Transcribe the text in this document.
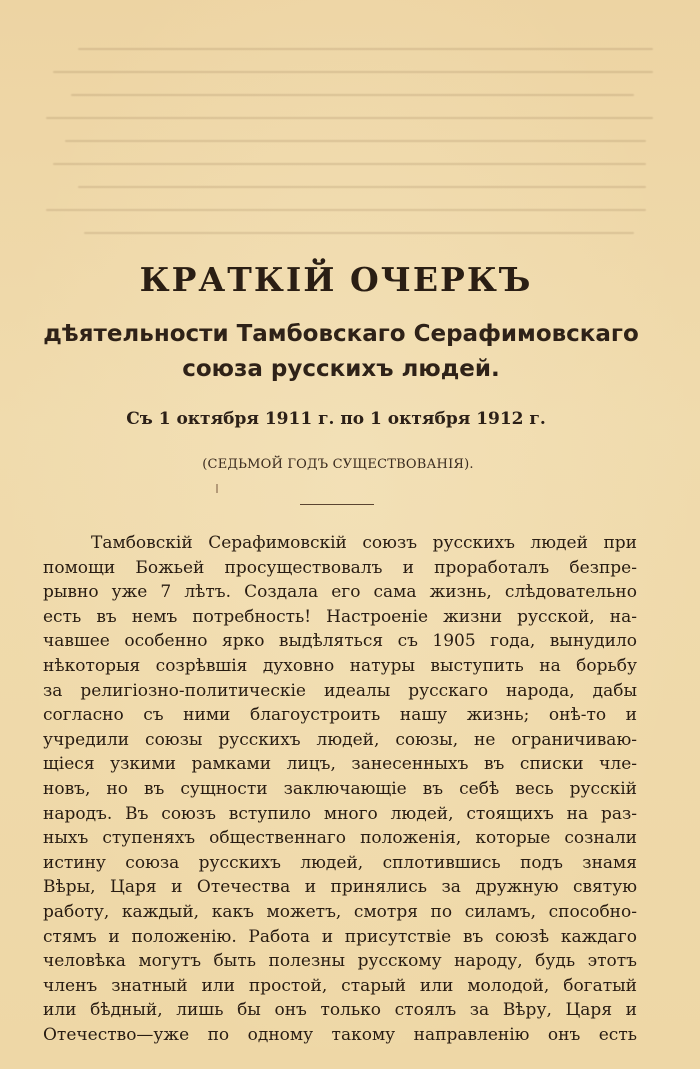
КРАТКІЙ ОЧЕРКЪ
дѣятельности Тамбовскаго Серафимовскаго союза русскихъ людей.

Съ 1 октября 1911 г. по 1 октября 1912 г.

(СЕДЬМОЙ ГОДЪ СУЩЕСТВОВАНІЯ).

Тамбовскій Серафимовскій союзъ русскихъ людей при
помощи Божьей просуществовалъ и проработалъ безпре-
рывно уже 7 лѣтъ. Создала его сама жизнь, слѣдовательно
есть въ немъ потребность! Настроеніе жизни русской, на-
чавшее особенно ярко выдѣляться съ 1905 года, вынудило
нѣкоторыя созрѣвшія духовно натуры выступить на борьбу
за религіозно-политическіе идеалы русскаго народа, дабы
согласно съ ними благоустроить нашу жизнь; онѣ-то и
учредили союзы русскихъ людей, союзы, не ограничиваю-
щіеся узкими рамками лицъ, занесенныхъ въ списки чле-
новъ, но въ сущности заключающіе въ себѣ весь русскій
народъ. Въ союзъ вступило много людей, стоящихъ на раз-
ныхъ ступеняхъ общественнаго положенія, которые сознали
истину союза русскихъ людей, сплотившись подъ знамя
Вѣры, Царя и Отечества и принялись за дружную святую
работу, каждый, какъ можетъ, смотря по силамъ, способно-
стямъ и положенію. Работа и присутствіе въ союзѣ каждаго
человѣка могутъ быть полезны русскому народу, будь этотъ
членъ знатный или простой, старый или молодой, богатый
или бѣдный, лишь бы онъ только стоялъ за Вѣру, Царя и
Отечество—уже по одному такому направленію онъ есть
